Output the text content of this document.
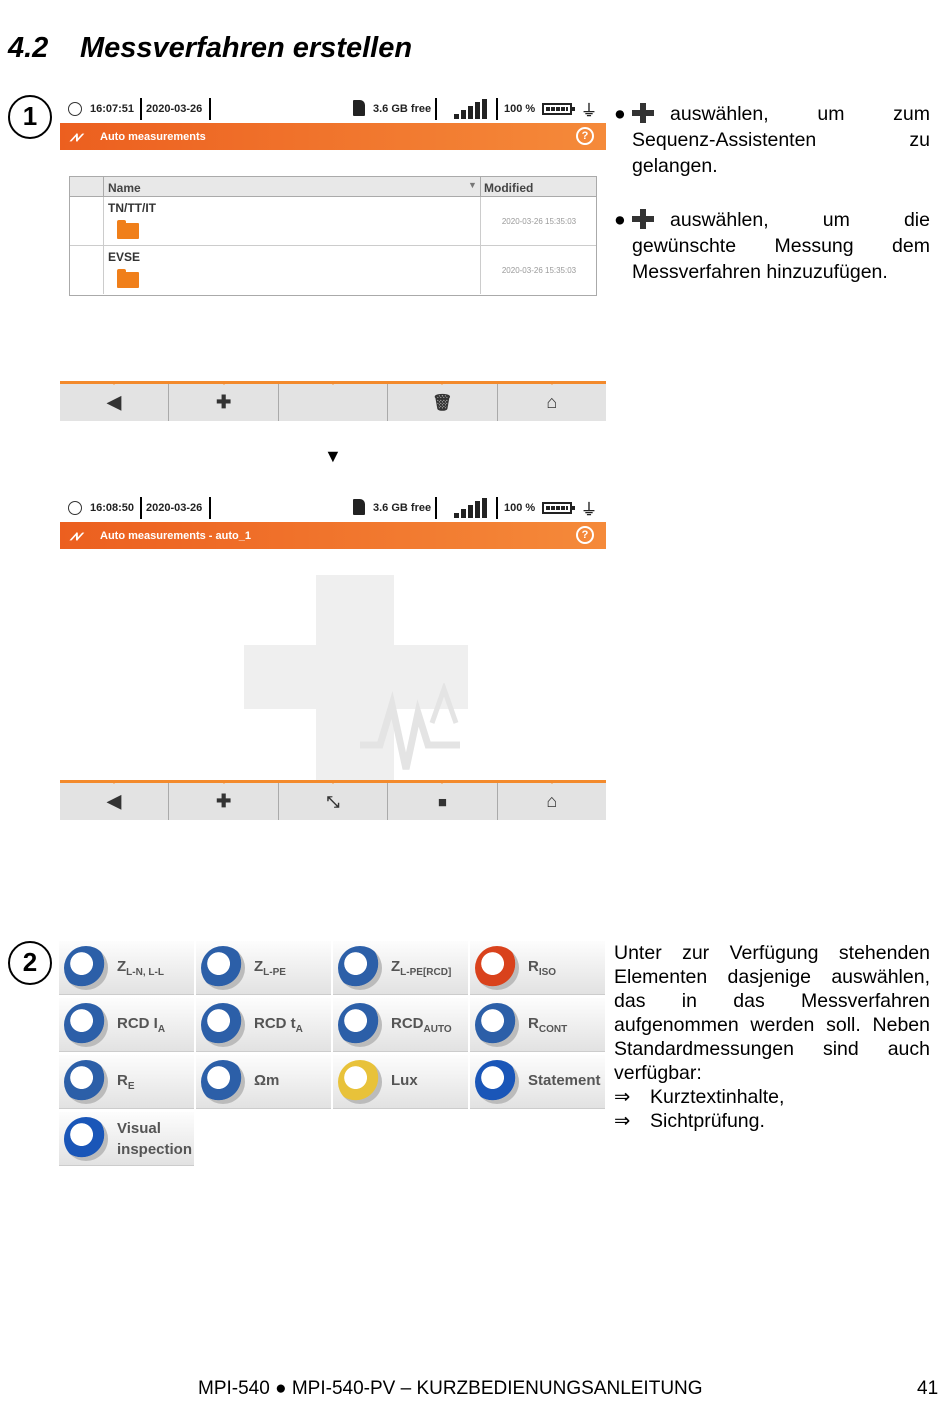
4.2 Messverfahren erstellen
1
2
16:07:51 2020-03-26	3.6 GB free	100 %	⏚
⩘⩗ Auto measurements	?
Name	▼ Modified
TN/TT/IT
2020-03-26 15:35:03
EVSE
2020-03-26 15:35:03
◀	✚	🗑	⌂
▼
16:08:50 2020-03-26	3.6 GB free	100 %	⏚
⩘⩗ Auto measurements - auto_1	?
◀	✚	⤡	■	⌂
● auswählen, um zum Sequenz-Assistenten zu gelangen.
● auswählen, um die gewünschte Messung dem Messverfahren hinzuzufügen.
$Z_{L-N, L-L}$	$Z_{L-PE}$	$Z_{L-PE[RCD]}$	$R_{ISO}$
RCD $I_A$	RCD $t_A$	$RCD_{AUTO}$	$R_{CONT}$
$R_E$	Ωm	Lux	Statement
Visual
inspection
Unter zur Verfügung stehenden Elementen dasjenige auswählen, das in das Messverfahren aufgenommen werden soll. Neben Standardmessungen sind auch verfügbar:
⇒ Kurztextinhalte,
⇒ Sichtprüfung.
MPI-540 ● MPI-540-PV – KURZBEDIENUNGSANLEITUNG	41
